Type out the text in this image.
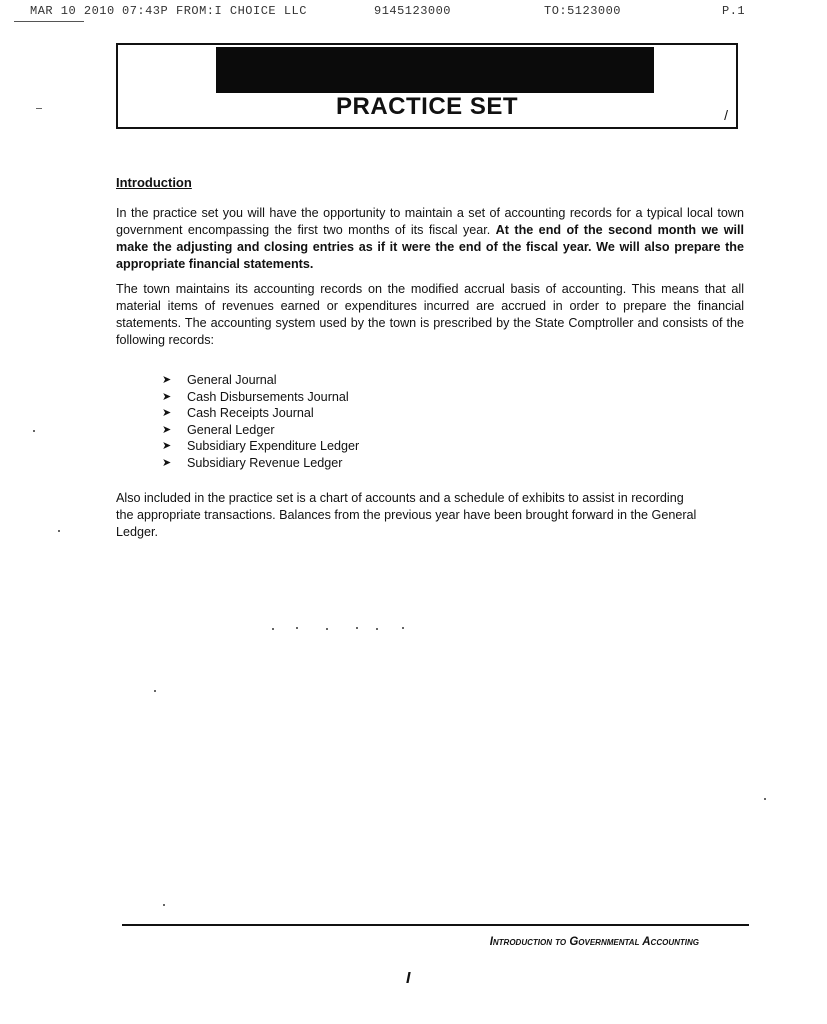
MAR 10 2010 07:43P FROM:I CHOICE LLC	9145123000	TO:5123000	P.1
PRACTICE SET	/
Introduction
In the practice set you will have the opportunity to maintain a set of accounting records for a typical local town government encompassing the first two months of its fiscal year. At the end of the second month we will make the adjusting and closing entries as if it were the end of the fiscal year. We will also prepare the appropriate financial statements.
The town maintains its accounting records on the modified accrual basis of accounting. This means that all material items of revenues earned or expenditures incurred are accrued in order to prepare the financial statements. The accounting system used by the town is prescribed by the State Comptroller and consists of the following records:
➤	General Journal
➤	Cash Disbursements Journal
➤	Cash Receipts Journal
➤	General Ledger
➤	Subsidiary Expenditure Ledger
➤	Subsidiary Revenue Ledger
Also included in the practice set is a chart of accounts and a schedule of exhibits to assist in recording the appropriate transactions. Balances from the previous year have been brought forward in the General Ledger.
Introduction to Governmental Accounting
I
